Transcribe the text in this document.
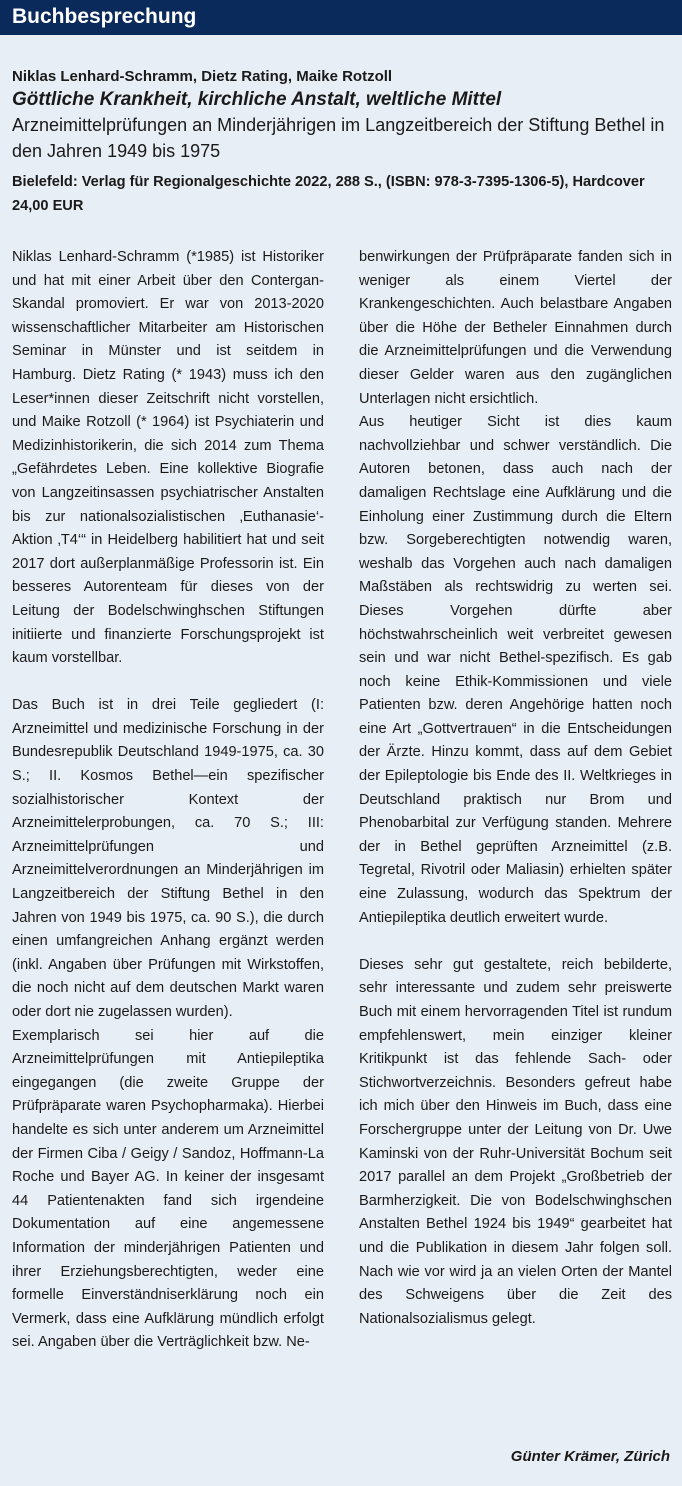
Buchbesprechung
Niklas Lenhard-Schramm, Dietz Rating, Maike Rotzoll
Göttliche Krankheit, kirchliche Anstalt, weltliche Mittel
Arzneimittelprüfungen an Minderjährigen im Langzeitbereich der Stiftung Bethel in den Jahren 1949 bis 1975
Bielefeld: Verlag für Regionalgeschichte 2022, 288 S., (ISBN: 978-3-7395-1306-5), Hardcover 24,00 EUR

Niklas Lenhard-Schramm (*1985) ist Historiker und hat mit einer Arbeit über den Contergan-Skandal promoviert. Er war von 2013-2020 wissenschaftlicher Mitarbeiter am Historischen Seminar in Münster und ist seitdem in Hamburg. Dietz Rating (* 1943) muss ich den Leser*innen dieser Zeitschrift nicht vorstellen, und Maike Rotzoll (* 1964) ist Psychiaterin und Medizinhistorikerin, die sich 2014 zum Thema „Gefährdetes Leben. Eine kollektive Biografie von Langzeitinsassen psychiatrischer Anstalten bis zur nationalsozialistischen ‚Euthanasie‘-Aktion ‚T4‘“ in Heidelberg habilitiert hat und seit 2017 dort außerplanmäßige Professorin ist. Ein besseres Autorenteam für dieses von der Leitung der Bodelschwinghschen Stiftungen initiierte und finanzierte Forschungsprojekt ist kaum vorstellbar.

Das Buch ist in drei Teile gegliedert (I: Arzneimittel und medizinische Forschung in der Bundesrepublik Deutschland 1949-1975, ca. 30 S.; II. Kosmos Bethel—ein spezifischer sozialhistorischer Kontext der Arzneimittelerprobungen, ca. 70 S.; III: Arzneimittelprüfungen und Arzneimittelverordnungen an Minderjährigen im Langzeitbereich der Stiftung Bethel in den Jahren von 1949 bis 1975, ca. 90 S.), die durch einen umfangreichen Anhang ergänzt werden (inkl. Angaben über Prüfungen mit Wirkstoffen, die noch nicht auf dem deutschen Markt waren oder dort nie zugelassen wurden).

Exemplarisch sei hier auf die Arzneimittelprüfungen mit Antiepileptika eingegangen (die zweite Gruppe der Prüfpräparate waren Psychopharmaka). Hierbei handelte es sich unter anderem um Arzneimittel der Firmen Ciba / Geigy / Sandoz, Hoffmann-La Roche und Bayer AG. In keiner der insgesamt 44 Patientenakten fand sich irgendeine Dokumentation auf eine angemessene Information der minderjährigen Patienten und ihrer Erziehungsberechtigten, weder eine formelle Einverständniserklärung noch ein Vermerk, dass eine Aufklärung mündlich erfolgt sei. Angaben über die Verträglichkeit bzw. Ne-

benwirkungen der Prüfpräparate fanden sich in weniger als einem Viertel der Krankengeschichten. Auch belastbare Angaben über die Höhe der Betheler Einnahmen durch die Arzneimittelprüfungen und die Verwendung dieser Gelder waren aus den zugänglichen Unterlagen nicht ersichtlich.

Aus heutiger Sicht ist dies kaum nachvollziehbar und schwer verständlich. Die Autoren betonen, dass auch nach der damaligen Rechtslage eine Aufklärung und die Einholung einer Zustimmung durch die Eltern bzw. Sorgeberechtigten notwendig waren, weshalb das Vorgehen auch nach damaligen Maßstäben als rechtswidrig zu werten sei. Dieses Vorgehen dürfte aber höchstwahrscheinlich weit verbreitet gewesen sein und war nicht Bethel-spezifisch. Es gab noch keine Ethik-Kommissionen und viele Patienten bzw. deren Angehörige hatten noch eine Art „Gottvertrauen“ in die Entscheidungen der Ärzte. Hinzu kommt, dass auf dem Gebiet der Epileptologie bis Ende des II. Weltkrieges in Deutschland praktisch nur Brom und Phenobarbital zur Verfügung standen. Mehrere der in Bethel geprüften Arzneimittel (z.B. Tegretal, Rivotril oder Maliasin) erhielten später eine Zulassung, wodurch das Spektrum der Antiepileptika deutlich erweitert wurde.

Dieses sehr gut gestaltete, reich bebilderte, sehr interessante und zudem sehr preiswerte Buch mit einem hervorragenden Titel ist rundum empfehlenswert, mein einziger kleiner Kritikpunkt ist das fehlende Sach- oder Stichwortverzeichnis. Besonders gefreut habe ich mich über den Hinweis im Buch, dass eine Forschergruppe unter der Leitung von Dr. Uwe Kaminski von der Ruhr-Universität Bochum seit 2017 parallel an dem Projekt „Großbetrieb der Barmherzigkeit. Die von Bodelschwinghschen Anstalten Bethel 1924 bis 1949“ gearbeitet hat und die Publikation in diesem Jahr folgen soll. Nach wie vor wird ja an vielen Orten der Mantel des Schweigens über die Zeit des Nationalsozialismus gelegt.

Günter Krämer, Zürich
